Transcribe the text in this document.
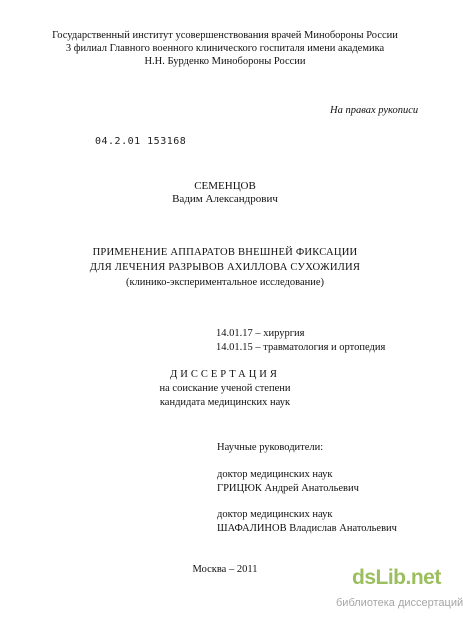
Государственный институт усовершенствования врачей Минобороны России
3 филиал Главного военного клинического госпиталя имени академика
Н.Н. Бурденко Минобороны России
На правах рукописи
04.2.01 153168
СЕМЕНЦОВ
Вадим Александрович
ПРИМЕНЕНИЕ АППАРАТОВ ВНЕШНЕЙ ФИКСАЦИИ
ДЛЯ ЛЕЧЕНИЯ РАЗРЫВОВ АХИЛЛОВА СУХОЖИЛИЯ
(клинико-экспериментальное исследование)
14.01.17 – хирургия
14.01.15 – травматология и ортопедия
ДИССЕРТАЦИЯ
на соискание ученой степени
кандидата медицинских наук
Научные руководители:
доктор медицинских наук
ГРИЦЮК Андрей Анатольевич
доктор медицинских наук
ШАФАЛИНОВ Владислав Анатольевич
Москва – 2011	dsLib.net
библиотека диссертаций
